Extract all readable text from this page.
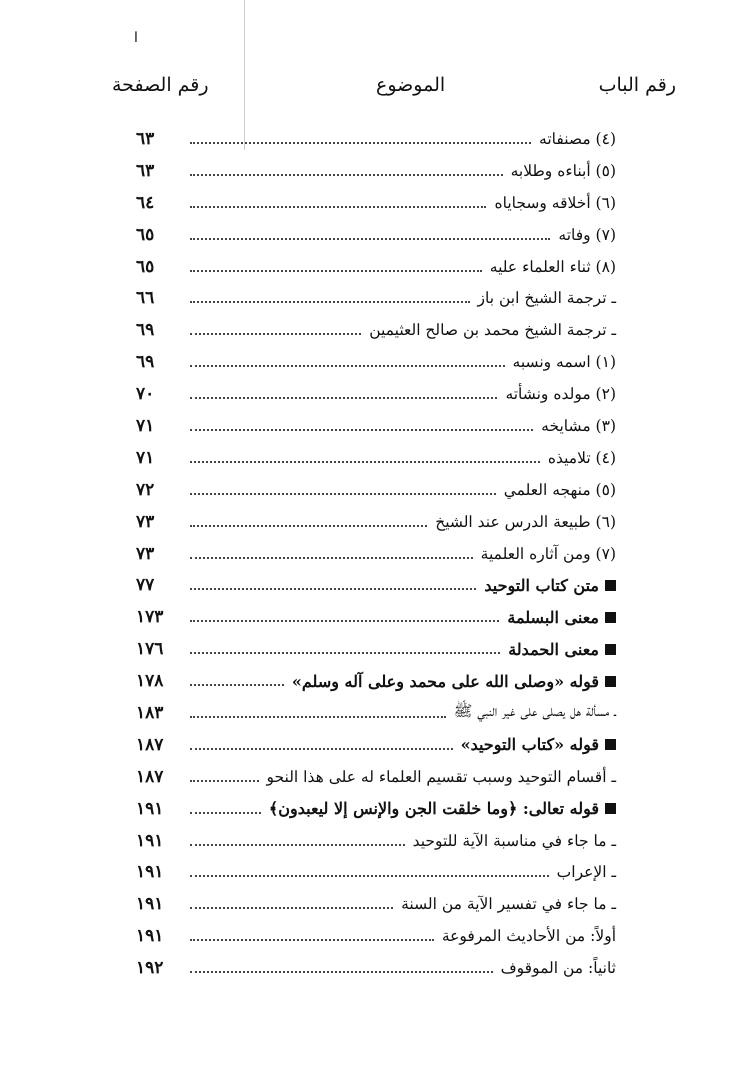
ا
رقم الباب
الموضوع
رقم الصفحة
(٤) مصنفاته
٦٣
(٥) أبناءه وطلابه
٦٣
(٦) أخلاقه وسجاياه
٦٤
(٧) وفاته
٦٥
(٨) ثناء العلماء عليه
٦٥
ـ ترجمة الشيخ ابن باز
٦٦
ـ ترجمة الشيخ محمد بن صالح العثيمين
٦٩
(١) اسمه ونسبه
٦٩
(٢) مولده ونشأته
٧٠
(٣) مشايخه
٧١
(٤) تلاميذه
٧١
(٥) منهجه العلمي
٧٢
(٦) طبيعة الدرس عند الشيخ
٧٣
(٧) ومن آثاره العلمية
٧٣
متن كتاب التوحيد
٧٧
معنى البسلمة
١٧٣
معنى الحمدلة
١٧٦
قوله «وصلى الله على محمد وعلى آله وسلم»
١٧٨
ـ مسألة هل يصلى على غير النبي ﷺ
١٨٣
قوله «كتاب التوحيد»
١٨٧
ـ أقسام التوحيد وسبب تقسيم العلماء له على هذا النحو
١٨٧
قوله تعالى: ﴿وما خلقت الجن والإنس إلا ليعبدون﴾
١٩١
ـ ما جاء في مناسبة الآية للتوحيد
١٩١
ـ الإعراب
١٩١
ـ ما جاء في تفسير الآية من السنة
١٩١
أولاً: من الأحاديث المرفوعة
١٩١
ثانياً: من الموقوف
١٩٢
